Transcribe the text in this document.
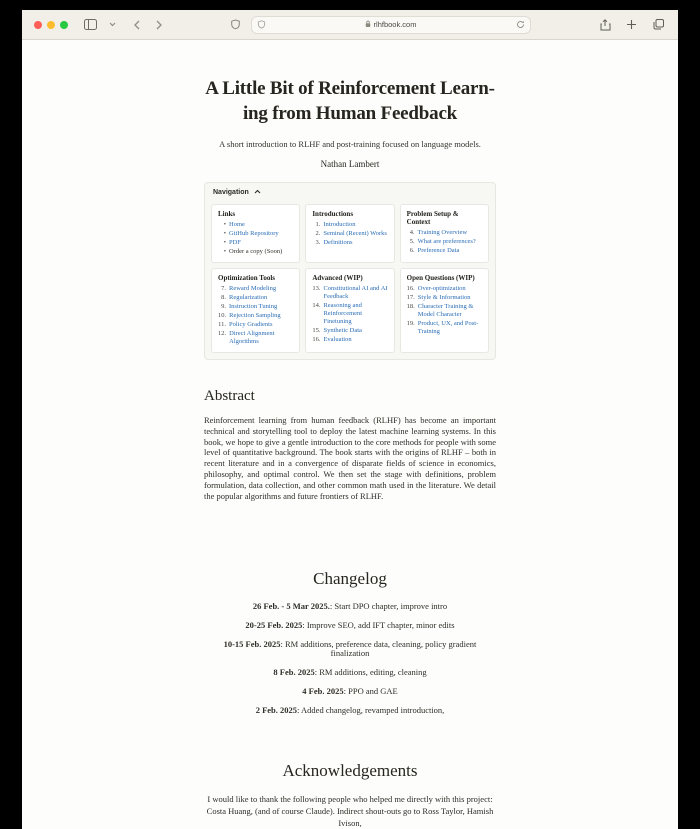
rlhfbook.com
A Little Bit of Reinforcement Learn-
ing from Human Feedback
A short introduction to RLHF and post-training focused on language models.
Nathan Lambert
Navigation
Links
• Home
• GitHub Repository
• PDF
• Order a copy (Soon)
Introductions
1. Introduction
2. Seminal (Recent) Works
3. Definitions
Problem Setup & Context
4. Training Overview
5. What are preferences?
6. Preference Data
Optimization Tools
7. Reward Modeling
8. Regularization
9. Instruction Tuning
10. Rejection Sampling
11. Policy Gradients
12. Direct Alignment Algorithms
Advanced (WIP)
13. Constitutional AI and AI Feedback
14. Reasoning and Reinforcement Finetuning
15. Synthetic Data
16. Evaluation
Open Questions (WIP)
16. Over-optimization
17. Style & Information
18. Character Training & Model Character
19. Product, UX, and Post-Training
Abstract

Reinforcement learning from human feedback (RLHF) has become an important technical and storytelling tool to deploy the latest machine learning systems. In this book, we hope to give a gentle introduction to the core methods for people with some level of quantitative background. The book starts with the origins of RLHF – both in recent literature and in a convergence of disparate fields of science in economics, philosophy, and optimal control. We then set the stage with definitions, problem formulation, data collection, and other common math used in the literature. We detail the popular algorithms and future frontiers of RLHF.

Changelog
26 Feb. - 5 Mar 2025.: Start DPO chapter, improve intro
20-25 Feb. 2025: Improve SEO, add IFT chapter, minor edits
10-15 Feb. 2025: RM additions, preference data, cleaning, policy gradient finalization
8 Feb. 2025: RM additions, editing, cleaning
4 Feb. 2025: PPO and GAE
2 Feb. 2025: Added changelog, revamped introduction,
Acknowledgements

I would like to thank the following people who helped me directly with this project: Costa Huang, (and of course Claude). Indirect shout-outs go to Ross Taylor, Hamish Ivison,
